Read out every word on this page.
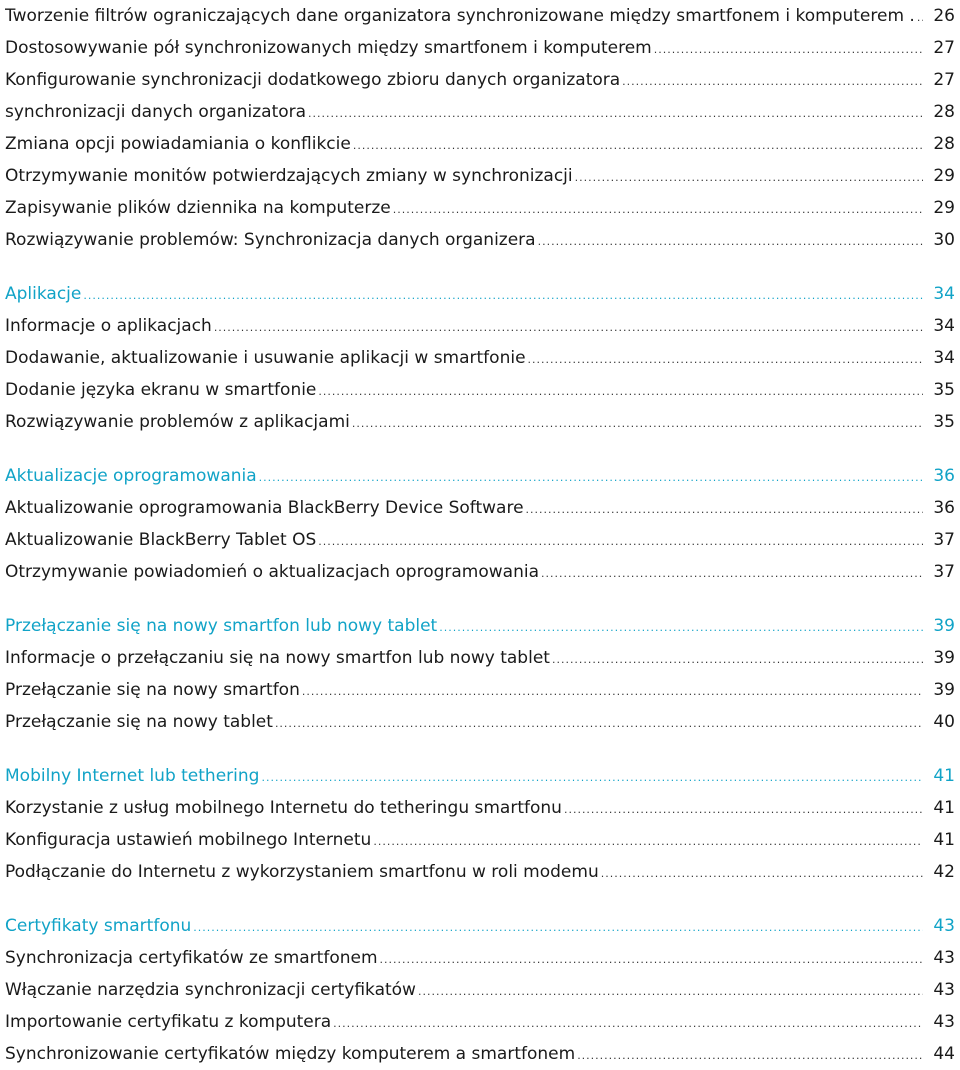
Tworzenie filtrów ograniczających dane organizatora synchronizowane między smartfonem i komputerem . .....	26
Dostosowywanie pół synchronizowanych między smartfonem i komputerem .....	27
Konfigurowanie synchronizacji dodatkowego zbioru danych organizatora .....	27
synchronizacji danych organizatora .....	28
Zmiana opcji powiadamiania o konflikcie .....	28
Otrzymywanie monitów potwierdzających zmiany w synchronizacji .....	29
Zapisywanie plików dziennika na komputerze .....	29
Rozwiązywanie problemów: Synchronizacja danych organizera .....	30
Aplikacje .....	34
Informacje o aplikacjach .....	34
Dodawanie, aktualizowanie i usuwanie aplikacji w smartfonie .....	34
Dodanie języka ekranu w smartfonie .....	35
Rozwiązywanie problemów z aplikacjami .....	35
Aktualizacje oprogramowania .....	36
Aktualizowanie oprogramowania BlackBerry Device Software .....	36
Aktualizowanie BlackBerry Tablet OS .....	37
Otrzymywanie powiadomień o aktualizacjach oprogramowania .....	37
Przełączanie się na nowy smartfon lub nowy tablet .....	39
Informacje o przełączaniu się na nowy smartfon lub nowy tablet .....	39
Przełączanie się na nowy smartfon .....	39
Przełączanie się na nowy tablet .....	40
Mobilny Internet lub tethering .....	41
Korzystanie z usług mobilnego Internetu do tetheringu smartfonu .....	41
Konfiguracja ustawień mobilnego Internetu .....	41
Podłączanie do Internetu z wykorzystaniem smartfonu w roli modemu .....	42
Certyfikaty smartfonu .....	43
Synchronizacja certyfikatów ze smartfonem .....	43
Włączanie narzędzia synchronizacji certyfikatów .....	43
Importowanie certyfikatu z komputera .....	43
Synchronizowanie certyfikatów między komputerem a smartfonem .....	44
